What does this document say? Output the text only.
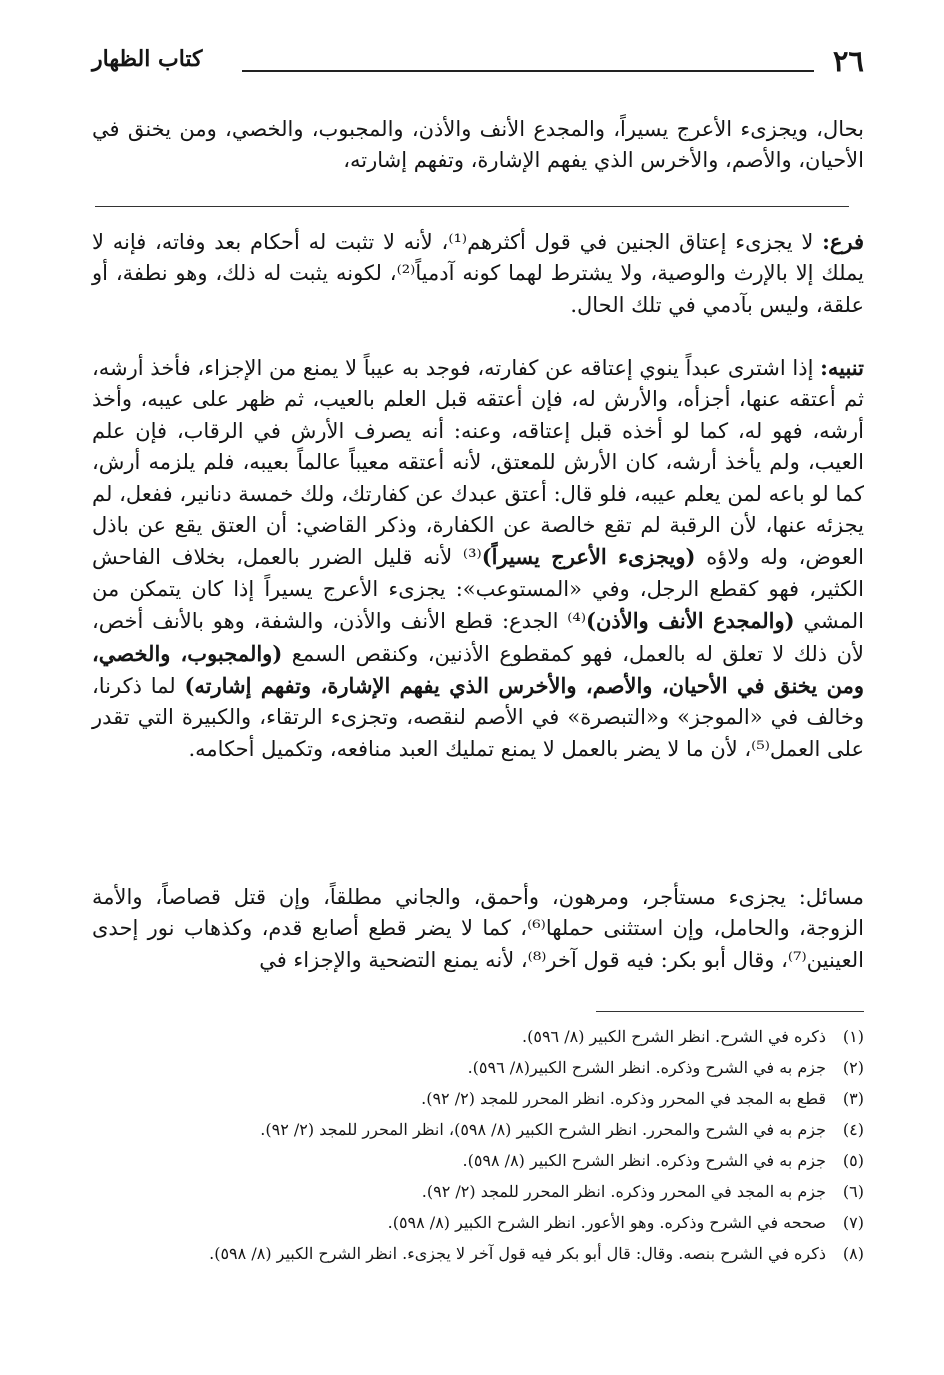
٢٦
كتاب الظهار

بحال، ويجزىء الأعرج يسيراً، والمجدع الأنف والأذن، والمجبوب، والخصي، ومن يخنق في الأحيان، والأصم، والأخرس الذي يفهم الإشارة، وتفهم إشارته،

فرع: لا يجزىء إعتاق الجنين في قول أكثرهم⁽¹⁾، لأنه لا تثبت له أحكام بعد وفاته، فإنه لا يملك إلا بالإرث والوصية، ولا يشترط لهما كونه آدمياً⁽²⁾، لكونه يثبت له ذلك، وهو نطفة، أو علقة، وليس بآدمي في تلك الحال.

تنبيه: إذا اشترى عبداً ينوي إعتاقه عن كفارته، فوجد به عيباً لا يمنع من الإجزاء، فأخذ أرشه، ثم أعتقه عنها، أجزأه، والأرش له، فإن أعتقه قبل العلم بالعيب، ثم ظهر على عيبه، وأخذ أرشه، فهو له، كما لو أخذه قبل إعتاقه، وعنه: أنه يصرف الأرش في الرقاب، فإن علم العيب، ولم يأخذ أرشه، كان الأرش للمعتق، لأنه أعتقه معيباً عالماً بعيبه، فلم يلزمه أرش، كما لو باعه لمن يعلم عيبه، فلو قال: أعتق عبدك عن كفارتك، ولك خمسة دنانير، ففعل، لم يجزئه عنها، لأن الرقبة لم تقع خالصة عن الكفارة، وذكر القاضي: أن العتق يقع عن باذل العوض، وله ولاؤه (ويجزىء الأعرج يسيراً)⁽³⁾ لأنه قليل الضرر بالعمل، بخلاف الفاحش الكثير، فهو كقطع الرجل، وفي «المستوعب»: يجزىء الأعرج يسيراً إذا كان يتمكن من المشي (والمجدع الأنف والأذن)⁽⁴⁾ الجدع: قطع الأنف والأذن، والشفة، وهو بالأنف أخص، لأن ذلك لا تعلق له بالعمل، فهو كمقطوع الأذنين، وكنقص السمع (والمجبوب، والخصي، ومن يخنق في الأحيان، والأصم، والأخرس الذي يفهم الإشارة، وتفهم إشارته) لما ذكرنا، وخالف في «الموجز» و«التبصرة» في الأصم لنقصه، وتجزىء الرتقاء، والكبيرة التي تقدر على العمل⁽⁵⁾، لأن ما لا يضر بالعمل لا يمنع تمليك العبد منافعه، وتكميل أحكامه.

مسائل: يجزىء مستأجر، ومرهون، وأحمق، والجاني مطلقاً، وإن قتل قصاصاً، والأمة الزوجة، والحامل، وإن استثنى حملها⁽⁶⁾، كما لا يضر قطع أصابع قدم، وكذهاب نور إحدى العينين⁽⁷⁾، وقال أبو بكر: فيه قول آخر⁽⁸⁾، لأنه يمنع التضحية والإجزاء في

(١)
ذكره في الشرح. انظر الشرح الكبير (٨/ ٥٩٦).
(٢)
جزم به في الشرح وذكره. انظر الشرح الكبير(٨/ ٥٩٦).
(٣)
قطع به المجد في المحرر وذكره. انظر المحرر للمجد (٢/ ٩٢).
(٤)
جزم به في الشرح والمحرر. انظر الشرح الكبير (٨/ ٥٩٨)، انظر المحرر للمجد (٢/ ٩٢).
(٥)
جزم به في الشرح وذكره. انظر الشرح الكبير (٨/ ٥٩٨).
(٦)
جزم به المجد في المحرر وذكره. انظر المحرر للمجد (٢/ ٩٢).
(٧)
صححه في الشرح وذكره. وهو الأعور. انظر الشرح الكبير (٨/ ٥٩٨).
(٨)
ذكره في الشرح بنصه. وقال: قال أبو بكر فيه قول آخر لا يجزىء. انظر الشرح الكبير (٨/ ٥٩٨).
